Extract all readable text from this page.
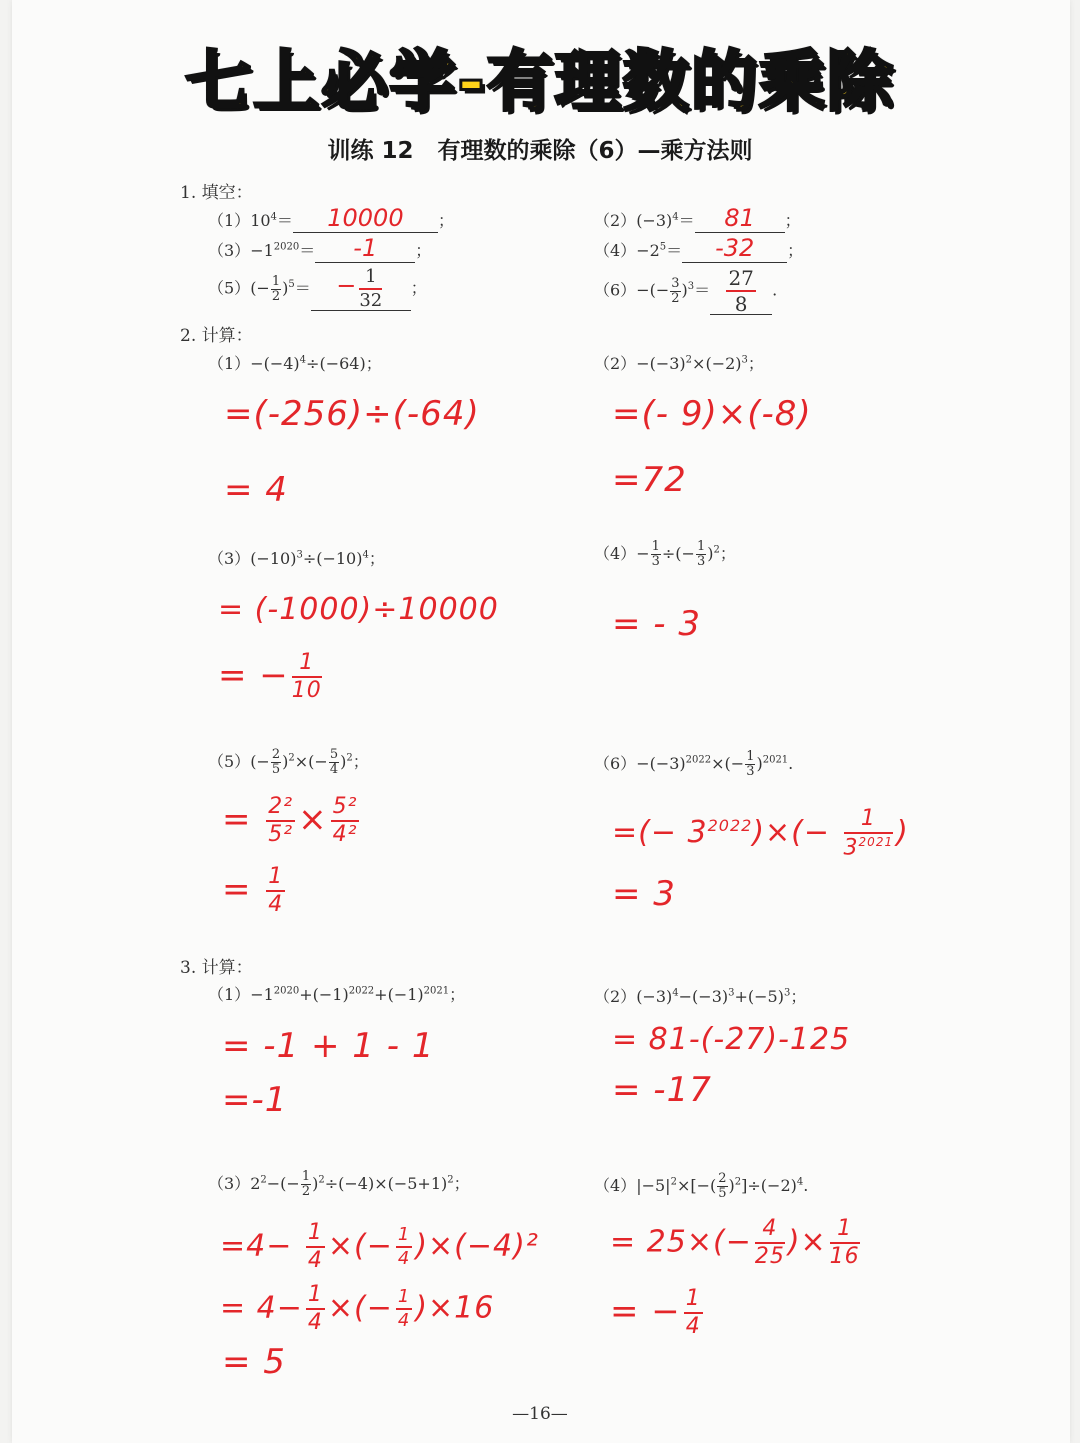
七上必学-有理数的乘除
训练 12 有理数的乘除（6）—乘方法则
1. 填空：
$(1)10^4= 10000$ ；	$(2)(-3)^4= 81$ ；
$(3)-1^{2020}= -1$ ；	$(4)-2^5= -32$ ；
$(5)(- \frac{1}{2} )^5= - \frac{1}{32}$ ；	$(6)-(- \frac{3}{2} )^3= \frac{27}{8}$ .
2. 计算：
$(1)-(-4)^4\div(-64)$；
=(-256)÷(-64)
= 4
$(2)-(-3)^2\times(-2)^3$；
=(- 9)×(-8)
=72
$(3)(-10)^3\div(-10)^4$；
= (-1000)÷10000
= − $\frac{1}{10}$
$(4)- \frac{1}{3}$ ÷(− $\frac{1}{3} )^2$；
= - 3
$(5)(- \frac{2}{5} )^2\times(- \frac{5}{4} )^2$；
= $\frac{\text{2²}}{\text{5²}} \times \frac{\text{5²}}{\text{4²}}$
= $\frac{1}{4}$
$(6)-(-3)^{2022}\times(- \frac{1}{3} )^{2021}$.
=(− $3^{2022})\times(- \frac{1}{3^{2021}}$ )
= 3
3. 计算：
$(1)-1^{2020}+(-1)^{2022}+(-1)^{2021}$；
= -1 + 1 - 1
=-1
$(2)(-3)^4-(-3)^3+(-5)^3$；
= 81-(-27)-125
= -17
$(3)2^2-(- \frac{1}{2} )^2\div(-4)\times(-5+1)^2$；
$=4- \frac{1}{4}$ ×(− $\frac{1}{4} )\times(-4)^2$
= $4- \frac{1}{4}$ ×(− $\frac{1}{4} )\times 16$
= 5
$(4)|-5|^2\times[-( \frac{2}{5} )^2]\div(-2)^4$.
= $25\times(- \frac{4}{25}$ )× $\frac{1}{16}$
= − $\frac{1}{4}$
—16—
